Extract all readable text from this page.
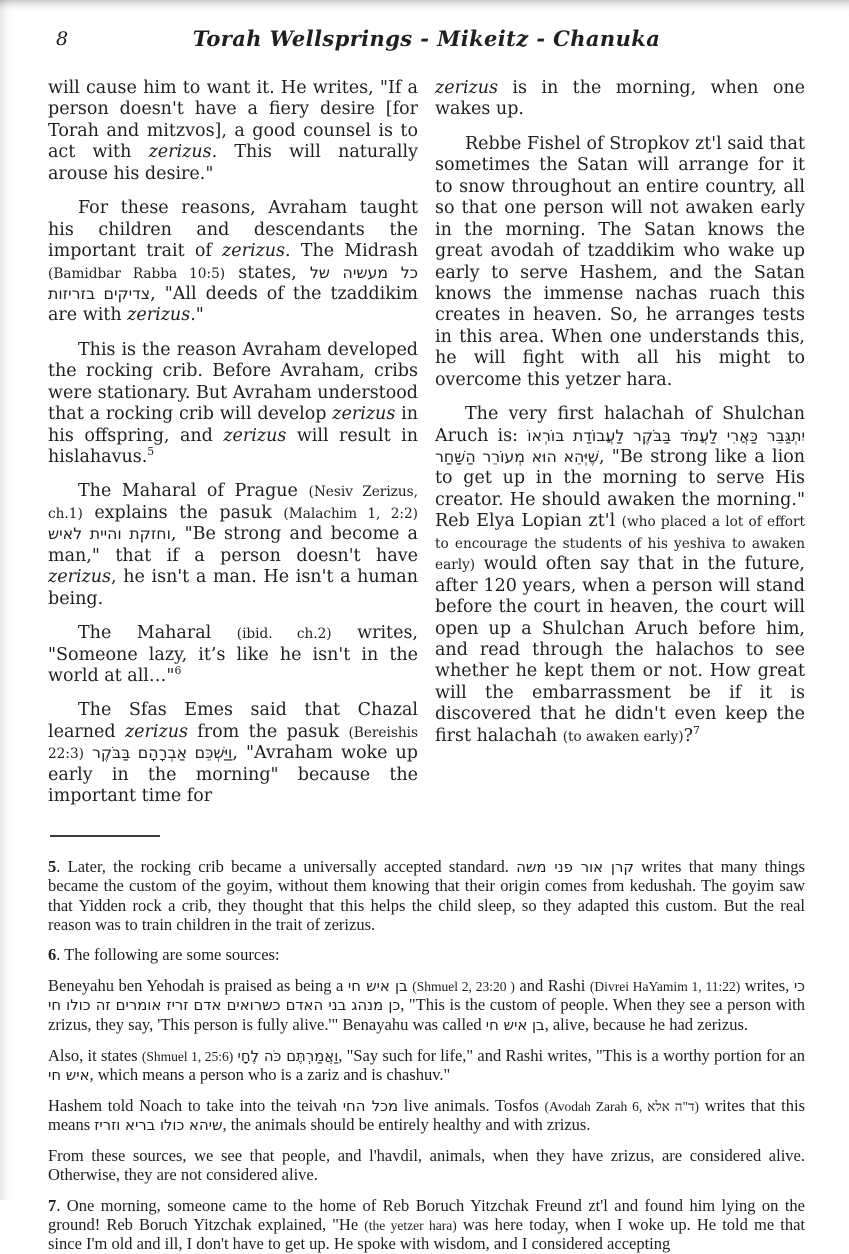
8	Torah Wellsprings - Mikeitz - Chanuka

will cause him to want it. He writes, "If a person doesn't have a fiery desire [for Torah and mitzvos], a good counsel is to act with zerizus. This will naturally arouse his desire."

For these reasons, Avraham taught his children and descendants the important trait of zerizus. The Midrash (Bamidbar Rabba 10:5) states, כל מעשיה של צדיקים בזריזות, "All deeds of the tzaddikim are with zerizus."

This is the reason Avraham developed the rocking crib. Before Avraham, cribs were stationary. But Avraham understood that a rocking crib will develop zerizus in his offspring, and zerizus will result in hislahavus.$^5$

The Maharal of Prague (Nesiv Zerizus, ch.1) explains the pasuk (Malachim 1, 2:2) וחזקת והיית לאיש, "Be strong and become a man," that if a person doesn't have zerizus, he isn't a man. He isn't a human being.

The Maharal (ibid. ch.2) writes, "Someone lazy, it’s like he isn't in the world at all…"$^6$

The Sfas Emes said that Chazal learned zerizus from the pasuk (Bereishis 22:3) וַיַּשְׁכֵּם אַבְרָהָם בַּבֹּקֶר, "Avraham woke up early in the morning" because the important time for

zerizus is in the morning, when one wakes up.

Rebbe Fishel of Stropkov zt'l said that sometimes the Satan will arrange for it to snow throughout an entire country, all so that one person will not awaken early in the morning. The Satan knows the great avodah of tzaddikim who wake up early to serve Hashem, and the Satan knows the immense nachas ruach this creates in heaven. So, he arranges tests in this area. When one understands this, he will fight with all his might to overcome this yetzer hara.

The very first halachah of Shulchan Aruch is: יִתְגַּבֵּר כַּאֲרִי לַעֲמֹד בַּבֹּקֶר לַעֲבוֹדַת בּוֹרְאוֹ שֶׁיְּהֵא הוּא מְעוֹרֵר הַשַּׁחַר, "Be strong like a lion to get up in the morning to serve His creator. He should awaken the morning." Reb Elya Lopian zt'l (who placed a lot of effort to encourage the students of his yeshiva to awaken early) would often say that in the future, after 120 years, when a person will stand before the court in heaven, the court will open up a Shulchan Aruch before him, and read through the halachos to see whether he kept them or not. How great will the embarrassment be if it is discovered that he didn't even keep the first halachah (to awaken early)?$^7$

5. Later, the rocking crib became a universally accepted standard. קרן אור פני משה writes that many things became the custom of the goyim, without them knowing that their origin comes from kedushah. The goyim saw that Yidden rock a crib, they thought that this helps the child sleep, so they adapted this custom. But the real reason was to train children in the trait of zerizus.

6. The following are some sources:

Beneyahu ben Yehodah is praised as being a בן איש חי (Shmuel 2, 23:20 ) and Rashi (Divrei HaYamim 1, 11:22) writes, כי כן מנהג בני האדם כשרואים אדם זריז אומרים זה כולו חי, "This is the custom of people. When they see a person with zrizus, they say, 'This person is fully alive.'" Benayahu was called בן איש חי, alive, because he had zerizus.

Also, it states (Shmuel 1, 25:6) וַאֲמַרְתֶּם כֹּה לֶחָי, "Say such for life," and Rashi writes, "This is a worthy portion for an איש חי, which means a person who is a zariz and is chashuv."

Hashem told Noach to take into the teivah מכל החי live animals. Tosfos (Avodah Zarah 6, ד"ה אלא) writes that this means שיהא כולו בריא וזריז, the animals should be entirely healthy and with zrizus.

From these sources, we see that people, and l'havdil, animals, when they have zrizus, are considered alive. Otherwise, they are not considered alive.

7. One morning, someone came to the home of Reb Boruch Yitzchak Freund zt'l and found him lying on the ground! Reb Boruch Yitzchak explained, "He (the yetzer hara) was here today, when I woke up. He told me that since I'm old and ill, I don't have to get up. He spoke with wisdom, and I considered accepting
